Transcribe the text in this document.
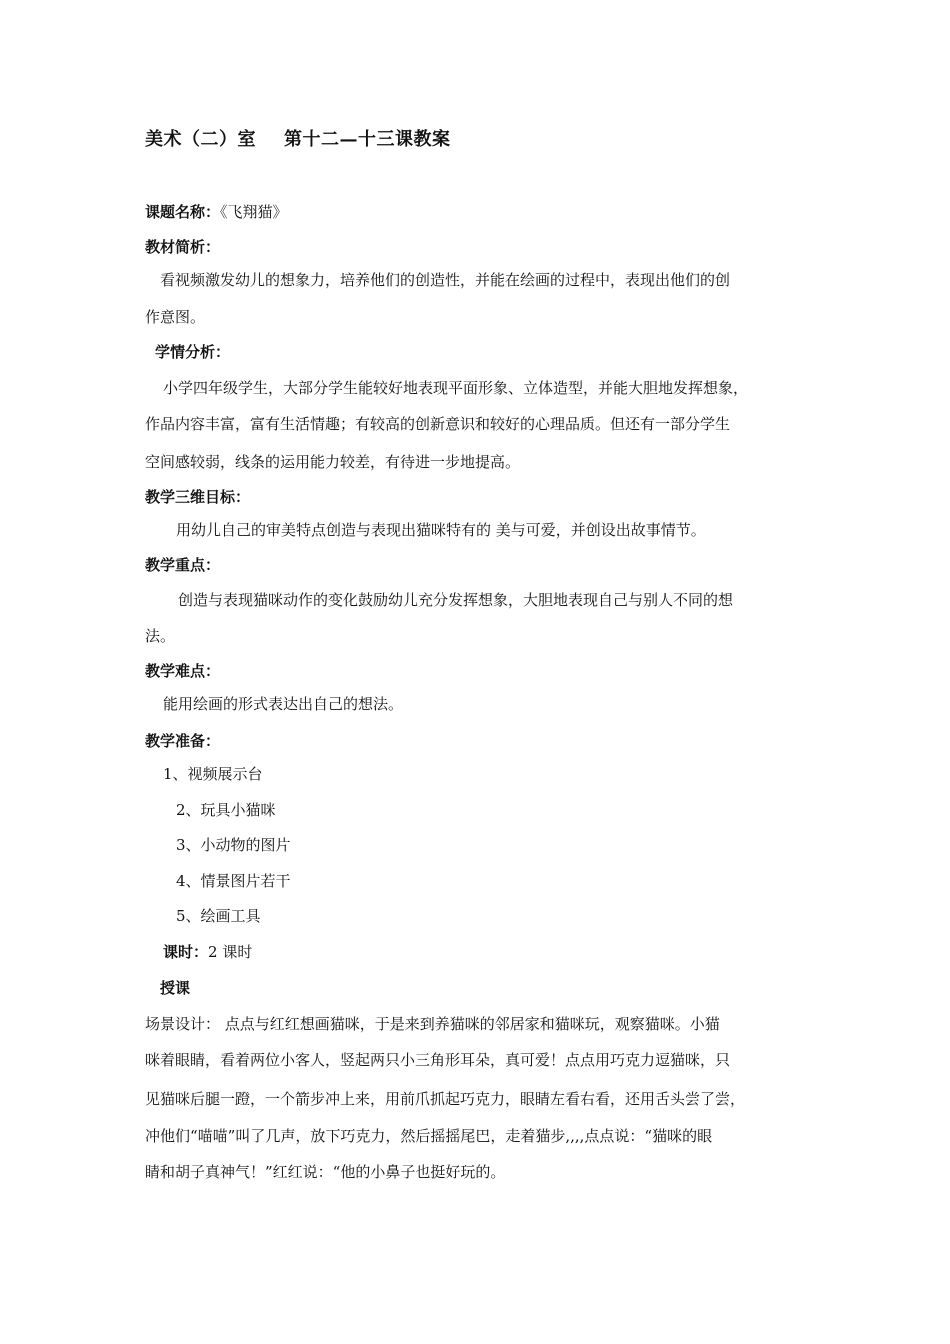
美术（二）室 第十二—十三课教案
课题名称：《飞翔猫》
教材简析：
看视频激发幼儿的想象力，培养他们的创造性，并能在绘画的过程中，表现出他们的创
作意图。
学情分析：
小学四年级学生，大部分学生能较好地表现平面形象、立体造型，并能大胆地发挥想象，
作品内容丰富，富有生活情趣；有较高的创新意识和较好的心理品质。但还有一部分学生
空间感较弱，线条的运用能力较差，有待进一步地提高。
教学三维目标：
用幼儿自己的审美特点创造与表现出猫咪特有的 美与可爱，并创设出故事情节。
教学重点：
创造与表现猫咪动作的变化鼓励幼儿充分发挥想象，大胆地表现自己与别人不同的想
法。
教学难点：
能用绘画的形式表达出自己的想法。
教学准备：
1、视频展示台
2、玩具小猫咪
3、小动物的图片
4、情景图片若干
5、绘画工具
课时：2 课时
授课
场景设计： 点点与红红想画猫咪，于是来到养猫咪的邻居家和猫咪玩，观察猫咪。小猫
咪着眼睛，看着两位小客人，竖起两只小三角形耳朵，真可爱！点点用巧克力逗猫咪，只
见猫咪后腿一蹬，一个箭步冲上来，用前爪抓起巧克力，眼睛左看右看，还用舌头尝了尝，
冲他们“喵喵”叫了几声，放下巧克力，然后摇摇尾巴，走着猫步,,,,点点说：“猫咪的眼
睛和胡子真神气！”红红说：“他的小鼻子也挺好玩的。
